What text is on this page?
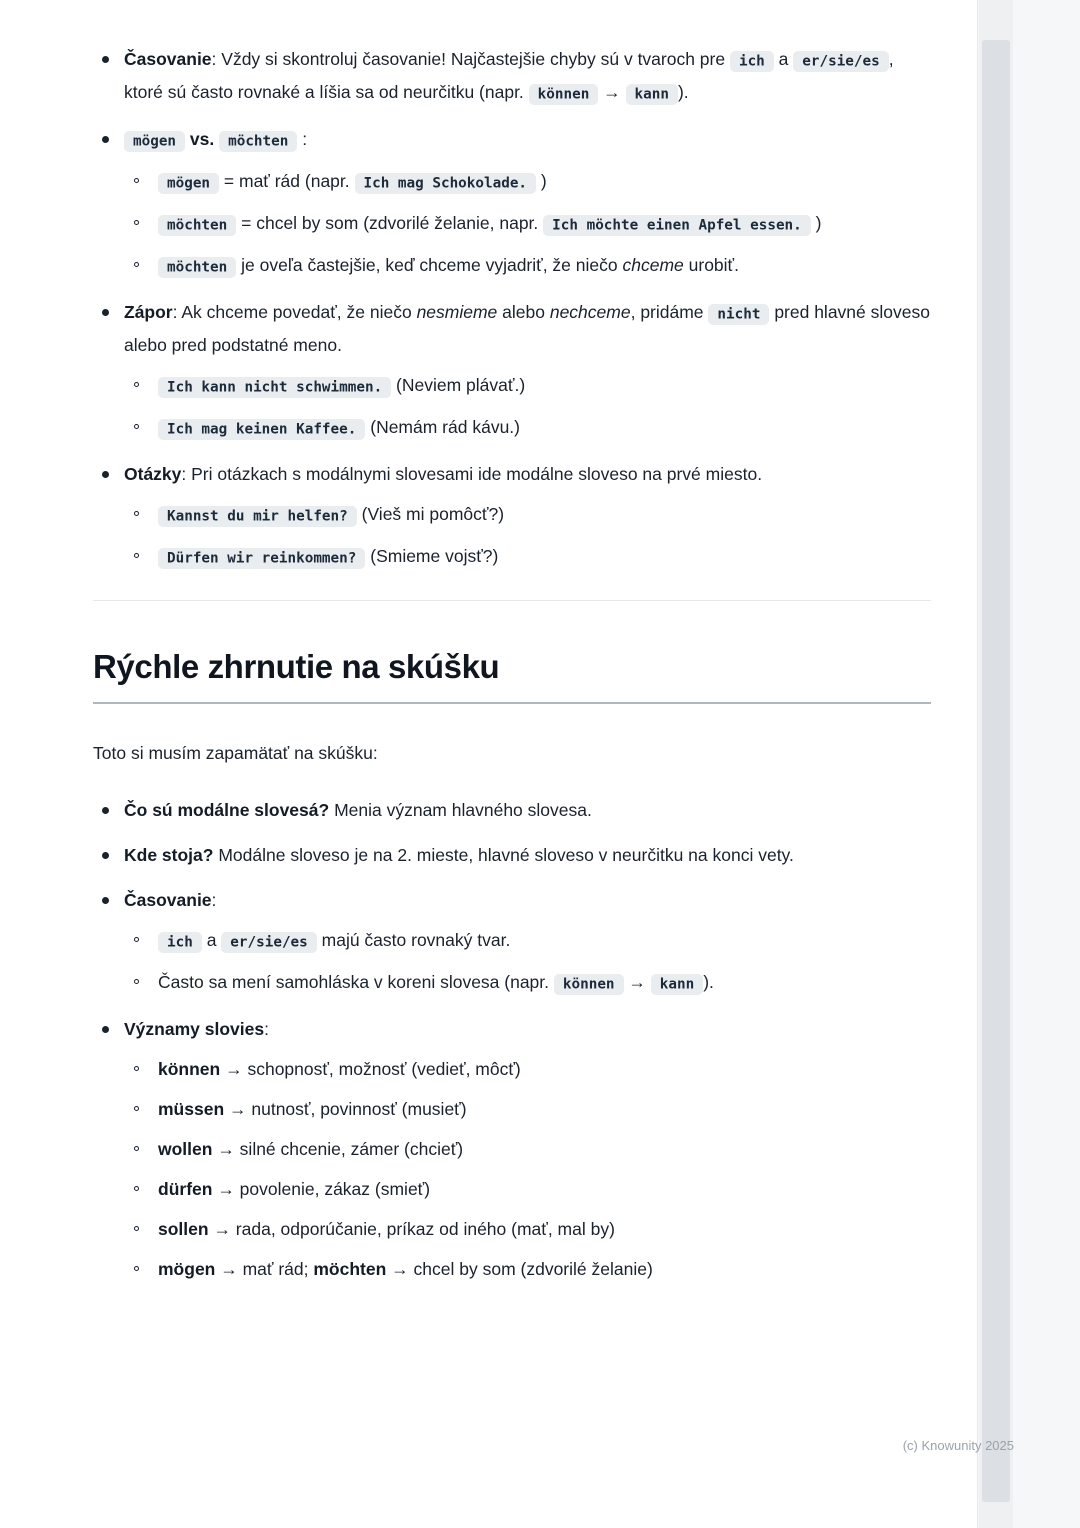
Časovanie: Vždy si skontroluj časovanie! Najčastejšie chyby sú v tvaroch pre ich a er/sie/es , ktoré sú často rovnaké a líšia sa od neurčitku (napr. können → kann ).
mögen vs. möchten :
mögen = mať rád (napr. Ich mag Schokolade. )
möchten = chcel by som (zdvorilé želanie, napr. Ich möchte einen Apfel essen. )
möchten je oveľa častejšie, keď chceme vyjadriť, že niečo chceme urobiť.
Zápor: Ak chceme povedať, že niečo nesmieme alebo nechceme, pridáme nicht pred hlavné sloveso alebo pred podstatné meno.
Ich kann nicht schwimmen. (Neviem plávať.)
Ich mag keinen Kaffee. (Nemám rád kávu.)
Otázky: Pri otázkach s modálnymi slovesami ide modálne sloveso na prvé miesto.
Kannst du mir helfen? (Vieš mi pomôcť?)
Dürfen wir reinkommen? (Smieme vojsť?)
Rýchle zhrnutie na skúšku

Toto si musím zapamätať na skúšku:

Čo sú modálne slovesá? Menia význam hlavného slovesa.
Kde stoja? Modálne sloveso je na 2. mieste, hlavné sloveso v neurčitku na konci vety.
Časovanie:
ich a er/sie/es majú často rovnaký tvar.
Často sa mení samohláska v koreni slovesa (napr. können → kann ).
Významy slovies:
können → schopnosť, možnosť (vedieť, môcť)
müssen → nutnosť, povinnosť (musieť)
wollen → silné chcenie, zámer (chcieť)
dürfen → povolenie, zákaz (smieť)
sollen → rada, odporúčanie, príkaz od iného (mať, mal by)
mögen → mať rád; möchten → chcel by som (zdvorilé želanie)
(c) Knowunity 2025
